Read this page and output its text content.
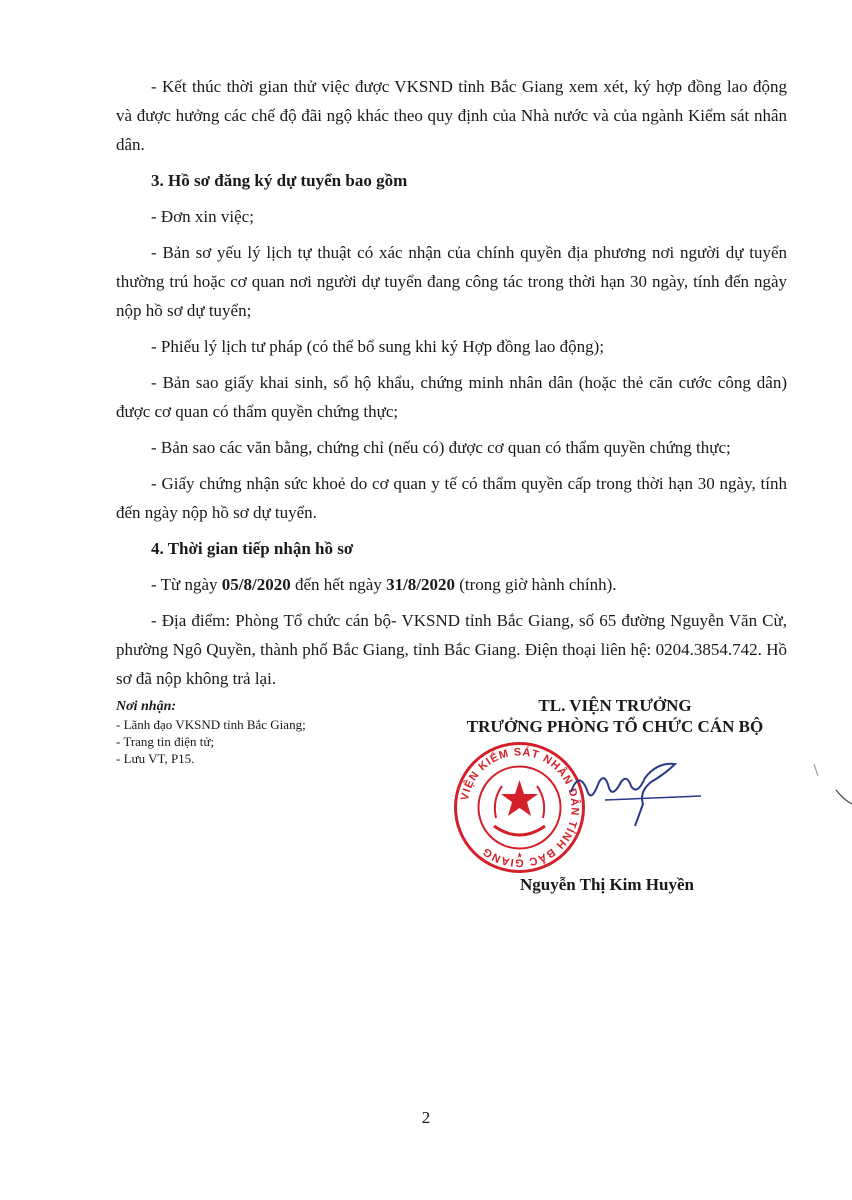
- Kết thúc thời gian thử việc được VKSND tỉnh Bắc Giang xem xét, ký hợp đồng lao động và được hưởng các chế độ đãi ngộ khác theo quy định của Nhà nước và của ngành Kiểm sát nhân dân.

3. Hồ sơ đăng ký dự tuyển bao gồm

- Đơn xin việc;

- Bản sơ yếu lý lịch tự thuật có xác nhận của chính quyền địa phương nơi người dự tuyển thường trú hoặc cơ quan nơi người dự tuyển đang công tác trong thời hạn 30 ngày, tính đến ngày nộp hồ sơ dự tuyển;

- Phiếu lý lịch tư pháp (có thể bổ sung khi ký Hợp đồng lao động);

- Bản sao giấy khai sinh, sổ hộ khẩu, chứng minh nhân dân (hoặc thẻ căn cước công dân) được cơ quan có thẩm quyền chứng thực;

- Bản sao các văn bằng, chứng chỉ (nếu có) được cơ quan có thẩm quyền chứng thực;

- Giấy chứng nhận sức khoẻ do cơ quan y tế có thẩm quyền cấp trong thời hạn 30 ngày, tính đến ngày nộp hồ sơ dự tuyển.

4. Thời gian tiếp nhận hồ sơ

- Từ ngày 05/8/2020 đến hết ngày 31/8/2020 (trong giờ hành chính).

- Địa điểm: Phòng Tổ chức cán bộ- VKSND tỉnh Bắc Giang, số 65 đường Nguyễn Văn Cừ, phường Ngô Quyền, thành phố Bắc Giang, tỉnh Bắc Giang. Điện thoại liên hệ: 0204.3854.742. Hồ sơ đã nộp không trả lại.

Nơi nhận:
- Lãnh đạo VKSND tỉnh Bắc Giang;
- Trang tin điện tử;
- Lưu VT, P15.
TL. VIỆN TRƯỞNG
TRƯỞNG PHÒNG TỔ CHỨC CÁN BỘ
VIỆN KIỂM SÁT NHÂN DÂN TỈNH BẮC GIANG
Nguyễn Thị Kim Huyền
2
